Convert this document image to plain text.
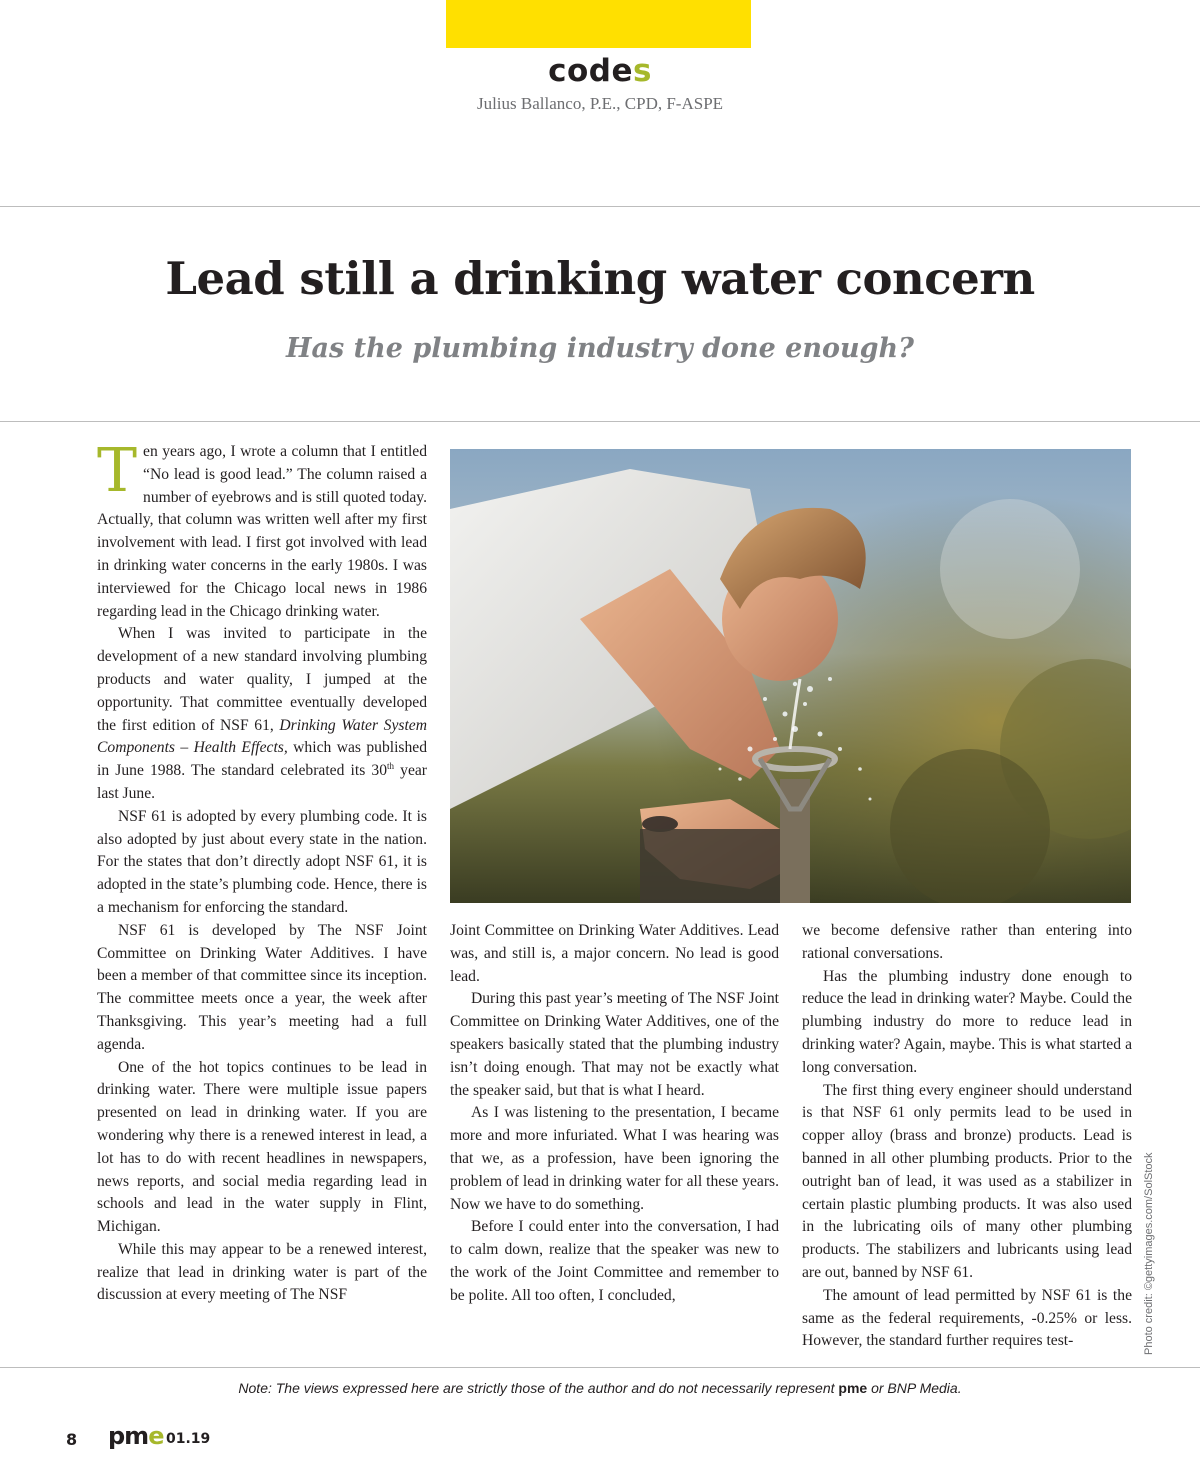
codes
Julius Ballanco, P.E., CPD, F-ASPE
Lead still a drinking water concern
Has the plumbing industry done enough?

Ten years ago, I wrote a column that I entitled “No lead is good lead.” The column raised a number of eyebrows and is still quoted today. Actually, that column was written well after my first involvement with lead. I first got involved with lead in drinking water concerns in the early 1980s. I was interviewed for the Chicago local news in 1986 regarding lead in the Chicago drinking water.

When I was invited to participate in the development of a new standard involving plumbing products and water quality, I jumped at the opportunity. That committee eventually developed the first edition of NSF 61, Drinking Water System Components – Health Effects, which was published in June 1988. The standard celebrated its 30th year last June.

NSF 61 is adopted by every plumbing code. It is also adopted by just about every state in the nation. For the states that don’t directly adopt NSF 61, it is adopted in the state’s plumbing code. Hence, there is a mechanism for enforcing the standard.

NSF 61 is developed by The NSF Joint Committee on Drinking Water Additives. I have been a member of that committee since its inception. The committee meets once a year, the week after Thanksgiving. This year’s meeting had a full agenda.

One of the hot topics continues to be lead in drinking water. There were multiple issue papers presented on lead in drinking water. If you are wondering why there is a renewed interest in lead, a lot has to do with recent headlines in newspapers, news reports, and social media regarding lead in schools and lead in the water supply in Flint, Michigan.

While this may appear to be a renewed interest, realize that lead in drinking water is part of the discussion at every meeting of The NSF

Joint Committee on Drinking Water Additives. Lead was, and still is, a major concern. No lead is good lead.

During this past year’s meeting of The NSF Joint Committee on Drinking Water Additives, one of the speakers basically stated that the plumbing industry isn’t doing enough. That may not be exactly what the speaker said, but that is what I heard.

As I was listening to the presentation, I became more and more infuriated. What I was hearing was that we, as a profession, have been ignoring the problem of lead in drinking water for all these years. Now we have to do something.

Before I could enter into the conversation, I had to calm down, realize that the speaker was new to the work of the Joint Committee and remember to be polite. All too often, I concluded,

we become defensive rather than entering into rational conversations.

Has the plumbing industry done enough to reduce the lead in drinking water? Maybe. Could the plumbing industry do more to reduce lead in drinking water? Again, maybe. This is what started a long conversation.

The first thing every engineer should understand is that NSF 61 only permits lead to be used in copper alloy (brass and bronze) products. Lead is banned in all other plumbing products. Prior to the outright ban of lead, it was used as a stabilizer in certain plastic plumbing products. It was also used in the lubricating oils of many other plumbing products. The stabilizers and lubricants using lead are out, banned by NSF 61.

The amount of lead permitted by NSF 61 is the same as the federal requirements, -0.25% or less. However, the standard further requires test-	Photo credit: ©gettyimages.com/SolStock
Note: The views expressed here are strictly those of the author and do not necessarily represent pme or BNP Media.
8 pme 01.19
